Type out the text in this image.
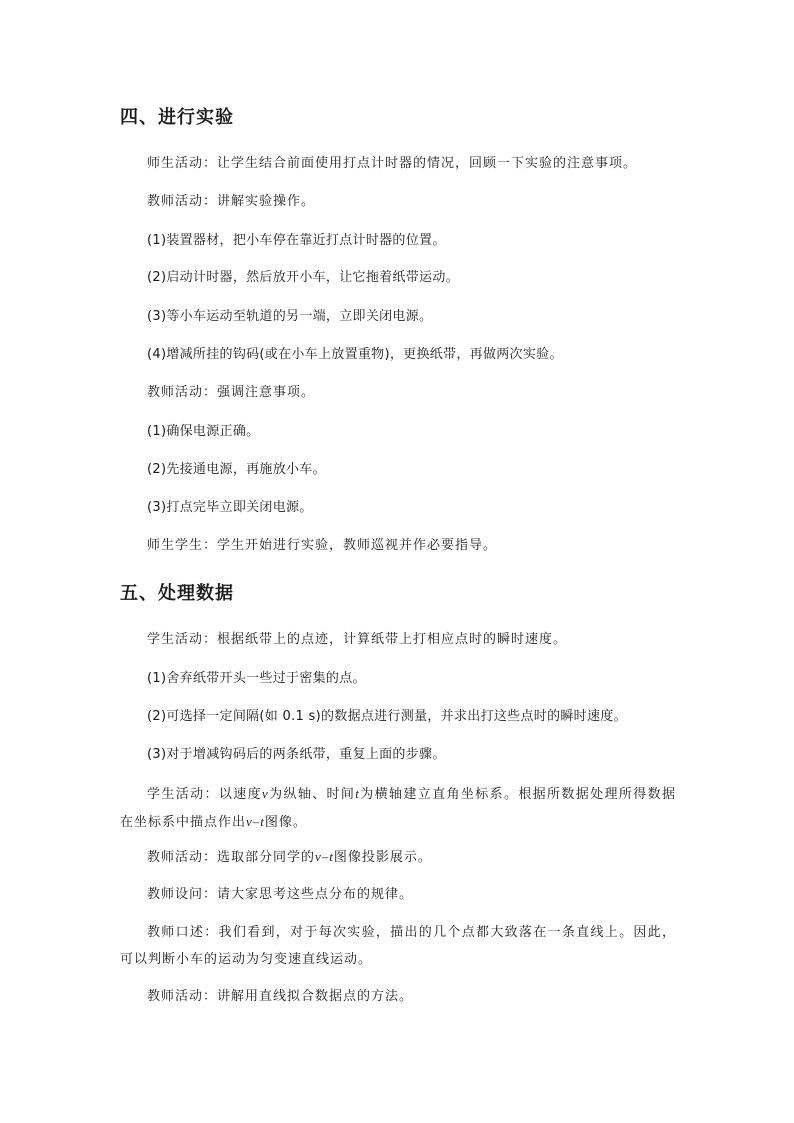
四、进行实验

师生活动：让学生结合前面使用打点计时器的情况，回顾一下实验的注意事项。

教师活动：讲解实验操作。

(1)装置器材，把小车停在靠近打点计时器的位置。

(2)启动计时器，然后放开小车，让它拖着纸带运动。

(3)等小车运动至轨道的另一端，立即关闭电源。

(4)增减所挂的钩码(或在小车上放置重物)，更换纸带，再做两次实验。

教师活动：强调注意事项。

(1)确保电源正确。

(2)先接通电源，再施放小车。

(3)打点完毕立即关闭电源。

师生学生：学生开始进行实验，教师巡视并作必要指导。

五、处理数据

学生活动：根据纸带上的点迹，计算纸带上打相应点时的瞬时速度。

(1)舍弃纸带开头一些过于密集的点。

(2)可选择一定间隔(如 0.1 s)的数据点进行测量，并求出打这些点时的瞬时速度。

(3)对于增减钩码后的两条纸带，重复上面的步骤。

学生活动：以速度v为纵轴、时间t为横轴建立直角坐标系。根据所数据处理所得数据在坐标系中描点作出v–t图像。

教师活动：选取部分同学的v–t图像投影展示。

教师设问：请大家思考这些点分布的规律。

教师口述：我们看到，对于每次实验，描出的几个点都大致落在一条直线上。因此，可以判断小车的运动为匀变速直线运动。

教师活动：讲解用直线拟合数据点的方法。
